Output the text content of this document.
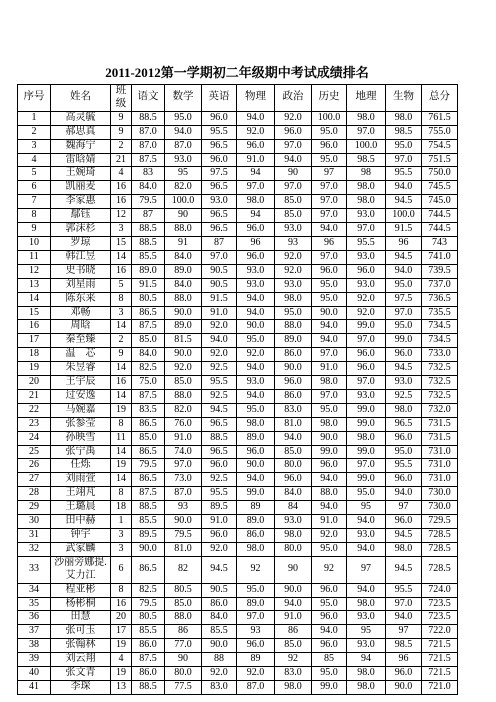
2011-2012第一学期初二年级期中考试成绩排名
序号	姓名	班级	语文	数学	英语	物理	政治	历史	地理	生物	总分
1	高灵毓	9	88.5	95.0	96.0	94.0	92.0	100.0	98.0	98.0	761.5
2	郝思真	9	87.0	94.0	95.5	92.0	96.0	95.0	97.0	98.5	755.0
3	魏海宁	2	87.0	87.0	96.5	96.0	97.0	96.0	100.0	95.0	754.5
4	雷晗婧	21	87.5	93.0	96.0	91.0	94.0	95.0	98.5	97.0	751.5
5	王婉琦	4	83	95	97.5	94	90	97	98	95.5	750.0
6	凯丽麦	16	84.0	82.0	96.5	97.0	97.0	97.0	98.0	94.0	745.5
7	李家惠	16	79.5	100.0	93.0	98.0	85.0	97.0	98.0	94.5	745.0
8	鄢钰	12	87	90	96.5	94	85.0	97.0	93.0	100.0	744.5
9	郭沫杉	3	88.5	88.0	96.5	96.0	93.0	94.0	97.0	91.5	744.5
10	罗琼	15	88.5	91	87	96	93	96	95.5	96	743
11	韩江昱	14	85.5	84.0	97.0	96.0	92.0	97.0	93.0	94.5	741.0
12	史书晓	16	89.0	89.0	90.5	93.0	92.0	96.0	96.0	94.0	739.5
13	刘星雨	5	91.5	84.0	90.5	93.0	93.0	95.0	93.0	95.0	737.0
14	陈东来	8	80.5	88.0	91.5	94.0	98.0	95.0	92.0	97.5	736.5
15	邓畅	3	86.5	90.0	91.0	94.0	95.0	90.0	92.0	97.0	735.5
16	周晗	14	87.5	89.0	92.0	90.0	88.0	94.0	99.0	95.0	734.5
17	秦至臻	2	85.0	81.5	94.0	95.0	89.0	94.0	97.0	99.0	734.5
18	温　芯	9	84.0	90.0	92.0	92.0	86.0	97.0	96.0	96.0	733.0
19	朱昱睿	14	82.5	92.0	92.5	94.0	90.0	91.0	96.0	94.5	732.5
20	王宇辰	16	75.0	85.0	95.5	93.0	96.0	98.0	97.0	93.0	732.5
21	过安逸	14	87.5	88.0	92.5	94.0	86.0	97.0	93.0	92.5	732.5
22	马婉嘉	19	83.5	82.0	94.5	95.0	83.0	95.0	99.0	98.0	732.0
23	张参莹	8	86.5	76.0	96.5	98.0	81.0	98.0	99.0	96.5	731.5
24	孙映雪	11	85.0	91.0	88.5	89.0	94.0	90.0	98.0	96.0	731.5
25	张宁禹	14	86.5	74.0	96.5	96.0	85.0	99.0	99.0	95.0	731.0
26	任烁	19	79.5	97.0	96.0	90.0	80.0	96.0	97.0	95.5	731.0
27	刘雨萱	14	86.5	73.0	92.5	94.0	96.0	94.0	99.0	96.0	731.0
28	王翊芃	8	87.5	87.0	95.5	99.0	84.0	88.0	95.0	94.0	730.0
29	王璐晨	18	88.5	93	89.5	89	84	94.0	95	97	730.0
30	田中赫	1	85.5	90.0	91.0	89.0	93.0	91.0	94.0	96.0	729.5
31	钟宇	3	89.5	79.5	96.0	86.0	98.0	92.0	93.0	94.5	728.5
32	武家麟	3	90.0	81.0	92.0	98.0	80.0	95.0	94.0	98.0	728.5
33	沙丽旁娜提.艾力江	6	86.5	82	94.5	92	90	92	97	94.5	728.5
34	程亚彬	8	82.5	80.5	90.5	95.0	90.0	96.0	94.0	95.5	724.0
35	杨彬桐	16	79.5	85.0	86.0	89.0	94.0	95.0	98.0	97.0	723.5
36	田慧	20	80.5	88.0	84.0	97.0	91.0	96.0	93.0	94.0	723.5
37	张可玉	17	85.5	86	85.5	93	86	94.0	95	97	722.0
38	张翰林	19	86.0	77.0	90.0	96.0	85.0	96.0	93.0	98.5	721.5
39	刘云翔	4	87.5	90	88	89	92	85	94	96	721.5
40	张文青	19	86.0	80.0	92.0	92.0	83.0	95.0	98.0	96.0	721.5
41	李琛	13	88.5	77.5	83.0	87.0	98.0	99.0	98.0	90.0	721.0
